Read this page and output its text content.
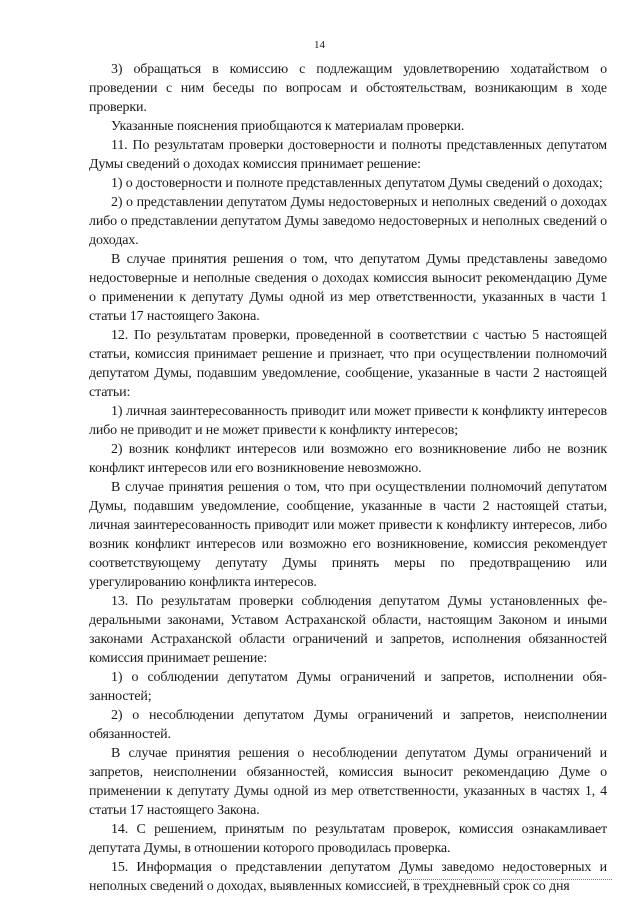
14

3) обращаться в комиссию с подлежащим удовлетворению ходатайством о проведении с ним беседы по вопросам и обстоятельствам, возникающим в ходе проверки.

Указанные пояснения приобщаются к материалам проверки.

11. По результатам проверки достоверности и полноты представленных депутатом Думы сведений о доходах комиссия принимает решение:

1) о достоверности и полноте представленных депутатом Думы сведений о доходах;

2) о представлении депутатом Думы недостоверных и неполных сведений о доходах либо о представлении депутатом Думы заведомо недостоверных и неполных сведений о доходах.

В случае принятия решения о том, что депутатом Думы представлены заведомо недостоверные и неполные сведения о доходах комиссия выносит рекомендацию Думе о применении к депутату Думы одной из мер ответственности, указанных в части 1 статьи 17 настоящего Закона.

12. По результатам проверки, проведенной в соответствии с частью 5 настоящей статьи, комиссия принимает решение и признает, что при осуществлении полномочий депутатом Думы, подавшим уведомление, сообщение, указанные в части 2 настоящей статьи:

1) личная заинтересованность приводит или может привести к конфликту интересов либо не приводит и не может привести к конфликту интересов;

2) возник конфликт интересов или возможно его возникновение либо не возник конфликт интересов или его возникновение невозможно.

В случае принятия решения о том, что при осуществлении полномочий депутатом Думы, подавшим уведомление, сообщение, указанные в части 2 настоящей статьи, личная заинтересованность приводит или может привести к конфликту интересов, либо возник конфликт интересов или возможно его возникновение, комиссия рекомендует соответствующему депутату Думы принять меры по предотвращению или урегулированию конфликта интересов.

13. По результатам проверки соблюдения депутатом Думы установленных федеральными законами, Уставом Астраханской области, настоящим Законом и иными законами Астраханской области ограничений и запретов, исполнения обязанностей комиссия принимает решение:

1) о соблюдении депутатом Думы ограничений и запретов, исполнении обязанностей;

2) о несоблюдении депутатом Думы ограничений и запретов, неисполнении обязанностей.

В случае принятия решения о несоблюдении депутатом Думы ограничений и запретов, неисполнении обязанностей, комиссия выносит рекомендацию Думе о применении к депутату Думы одной из мер ответственности, указанных в частях 1, 4 статьи 17 настоящего Закона.

14. С решением, принятым по результатам проверок, комиссия ознакамливает депутата Думы, в отношении которого проводилась проверка.

15. Информация о представлении депутатом Думы заведомо недостоверных и неполных сведений о доходах, выявленных комиссией, в трехдневный срок со дня
